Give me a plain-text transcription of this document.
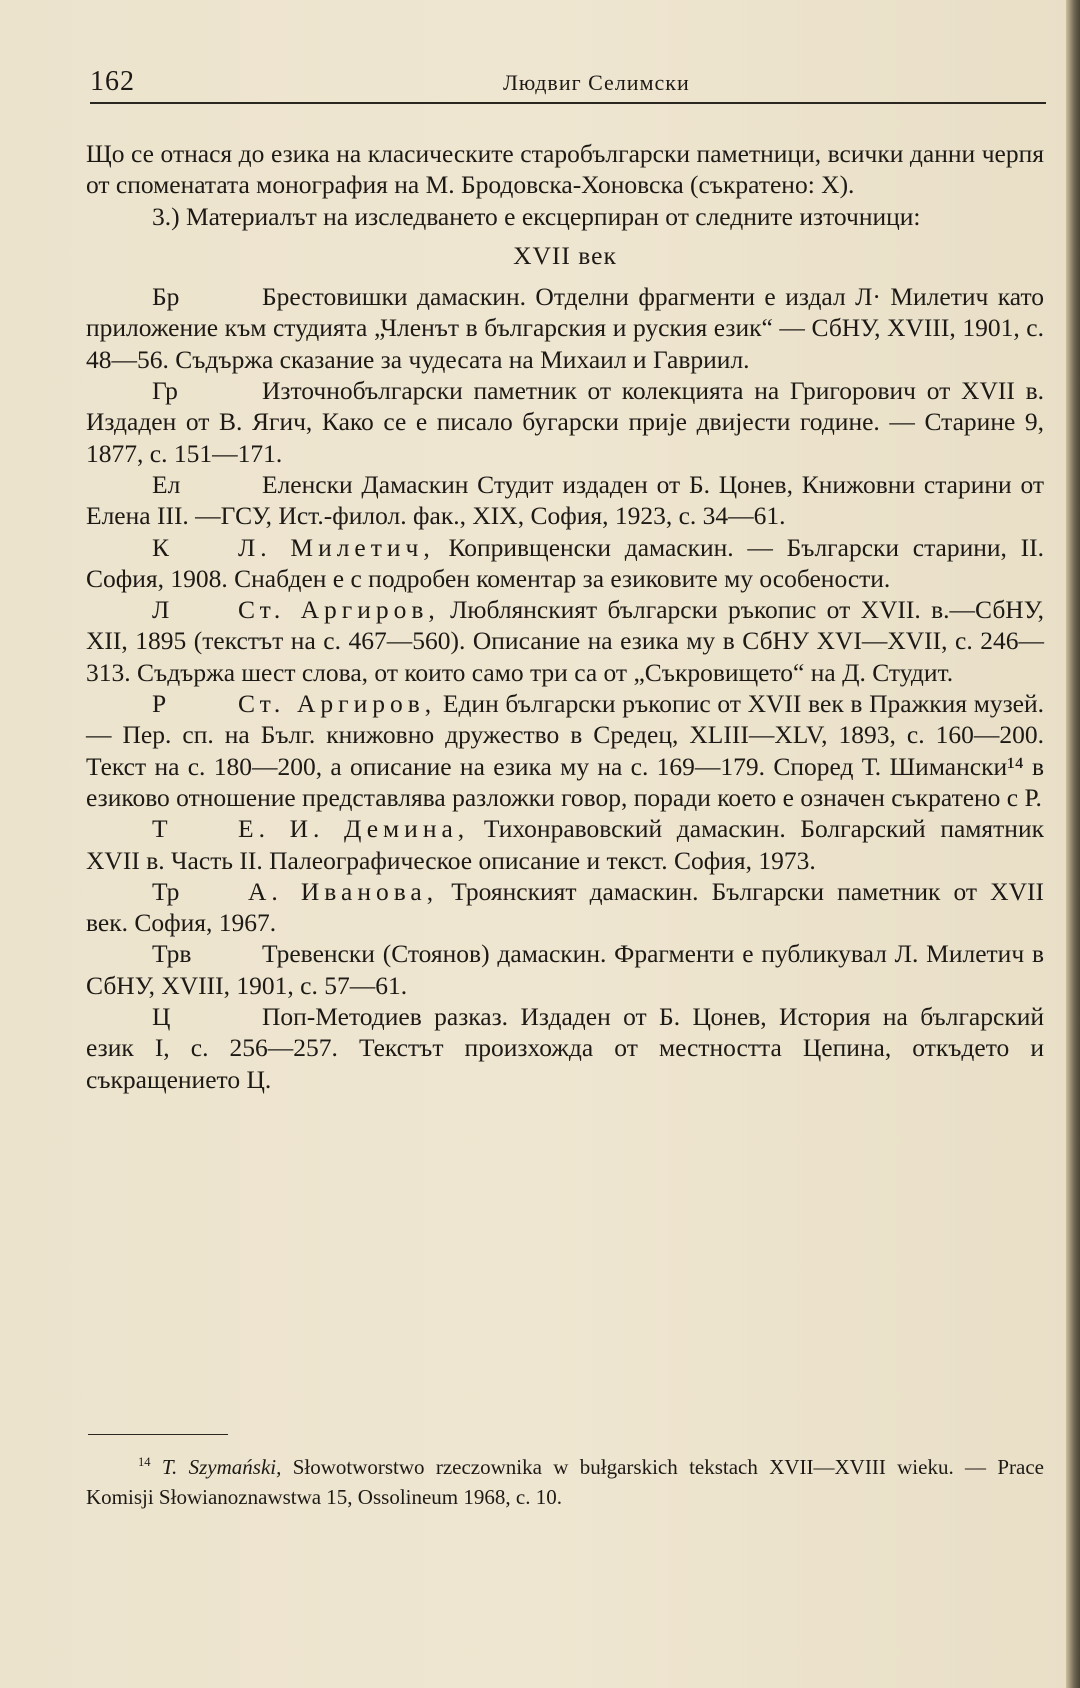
162	Людвиг Селимски

Що се отнася до езика на класическите старобългарски паметници, всички данни черпя от споменатата монография на М. Бродовска-Хоновска (съкратено: Х).

3.) Материалът на изследването е ексцерпиран от следните източници:

XVII век

Бр	Брестовишки дамаскин. Отделни фрагменти е издал Л· Милетич като приложение към студията „Членът в българския и руския език“ — СбНУ, XVIII, 1901, с. 48—56. Съдържа сказание за чудесата на Михаил и Гавриил.

Гр	Източнобългарски паметник от колекцията на Григорович от XVII в. Издаден от В. Ягич, Како се е писало бугарски прије двијести године. — Старине 9, 1877, с. 151—171.

Ел	Еленски Дамаскин Студит издаден от Б. Цонев, Книжовни старини от Елена III. —ГСУ, Ист.-филол. фак., XIX, София, 1923, с. 34—61.

К	Л. Милетич, Копривщенски дамаскин. — Български старини, II. София, 1908. Снабден е с подробен коментар за езиковите му особености.

Л	Ст. Аргиров, Люблянският български ръкопис от XVII. в.—СбНУ, XII, 1895 (текстът на с. 467—560). Описание на езика му в СбНУ XVI—XVII, с. 246—313. Съдържа шест слова, от които само три са от „Съкровището“ на Д. Студит.

Р	Ст. Аргиров, Един български ръкопис от XVII век в Пражкия музей. — Пер. сп. на Бълг. книжовно дружество в Средец, XLIII—XLV, 1893, с. 160—200. Текст на с. 180—200, а описание на езика му на с. 169—179. Според Т. Шимански¹⁴ в езиково отношение представлява разложки говор, поради което е означен съкратено с Р.

Т	Е. И. Демина, Тихонравовский дамаскин. Болгарский памятник XVII в. Часть II. Палеографическое описание и текст. София, 1973.

Тр	А. Иванова, Троянският дамаскин. Български паметник от XVII век. София, 1967.

Трв	Тревенски (Стоянов) дамаскин. Фрагменти е публикувал Л. Милетич в СбНУ, XVIII, 1901, с. 57—61.

Ц	Поп-Методиев разказ. Издаден от Б. Цонев, История на българский език I, с. 256—257. Текстът произхожда от местността Цепина, откъдето и съкращението Ц.

$^{14}$ T. Szymański, Słowotworstwo rzeczownika w bułgarskich tekstach XVII—XVIII wieku. — Prace Komisji Słowianoznawstwa 15, Ossolineum 1968, c. 10.
